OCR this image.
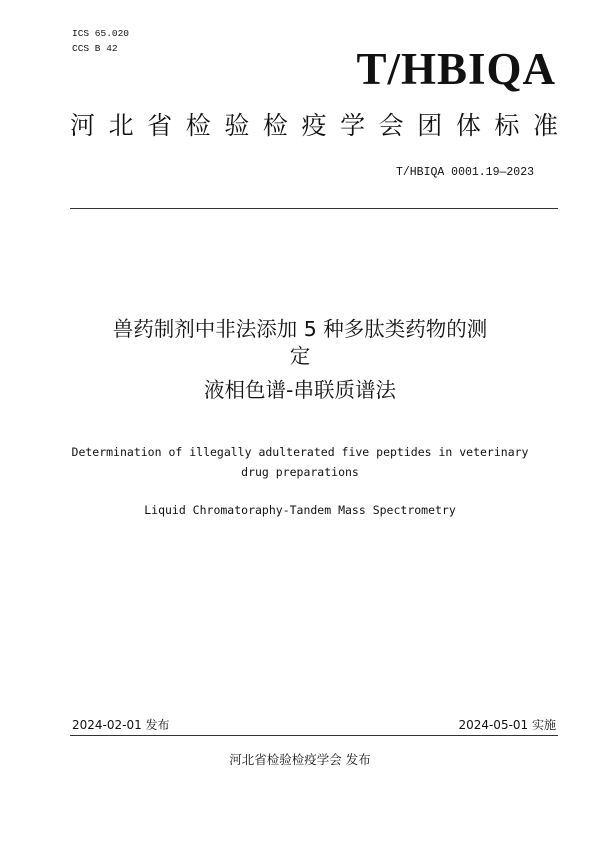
ICS 65.020
CCS B 42	T/HBIQA
河北省检验检疫学会团体标准
T/HBIQA 0001.19—2023
兽药制剂中非法添加 5 种多肽类药物的测
定
液相色谱-串联质谱法
Determination of illegally adulterated five peptides in veterinary drug preparations
Liquid Chromatoraphy-Tandem Mass Spectrometry
2024-02-01 发布	2024-05-01 实施
河北省检验检疫学会 发布
